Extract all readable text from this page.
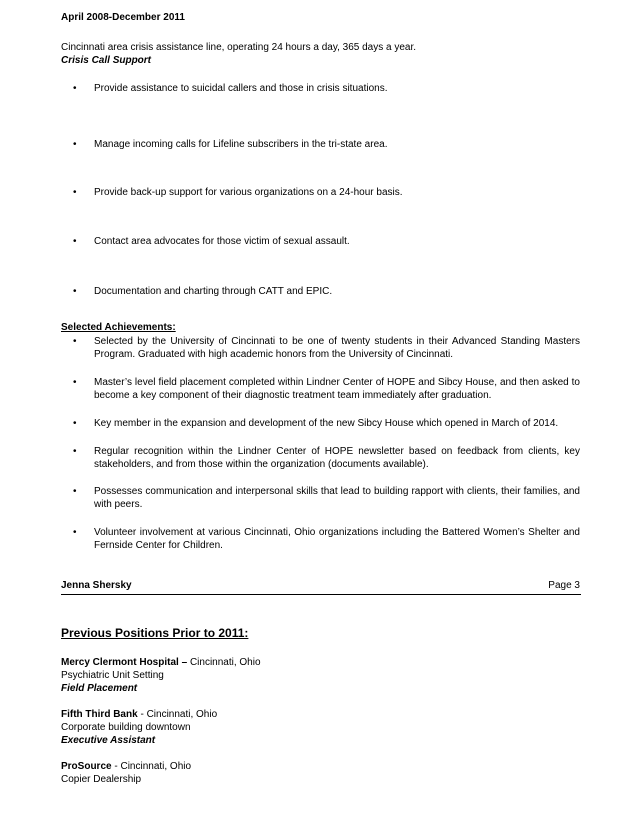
April 2008-December 2011
Cincinnati area crisis assistance line, operating 24 hours a day, 365 days a year.
Crisis Call Support
• Provide assistance to suicidal callers and those in crisis situations.
• Manage incoming calls for Lifeline subscribers in the tri-state area.
• Provide back-up support for various organizations on a 24-hour basis.
• Contact area advocates for those victim of sexual assault.
• Documentation and charting through CATT and EPIC.
Selected Achievements:
• Selected by the University of Cincinnati to be one of twenty students in their Advanced Standing Masters Program. Graduated with high academic honors from the University of Cincinnati.
• Master’s level field placement completed within Lindner Center of HOPE and Sibcy House, and then asked to become a key component of their diagnostic treatment team immediately after graduation.
• Key member in the expansion and development of the new Sibcy House which opened in March of 2014.
• Regular recognition within the Lindner Center of HOPE newsletter based on feedback from clients, key stakeholders, and from those within the organization (documents available).
• Possesses communication and interpersonal skills that lead to building rapport with clients, their families, and with peers.
• Volunteer involvement at various Cincinnati, Ohio organizations including the Battered Women’s Shelter and Fernside Center for Children.
Jenna Shersky	Page 3
Previous Positions Prior to 2011:
Mercy Clermont Hospital – Cincinnati, Ohio
Psychiatric Unit Setting
Field Placement
Fifth Third Bank - Cincinnati, Ohio
Corporate building downtown
Executive Assistant
ProSource - Cincinnati, Ohio
Copier Dealership
